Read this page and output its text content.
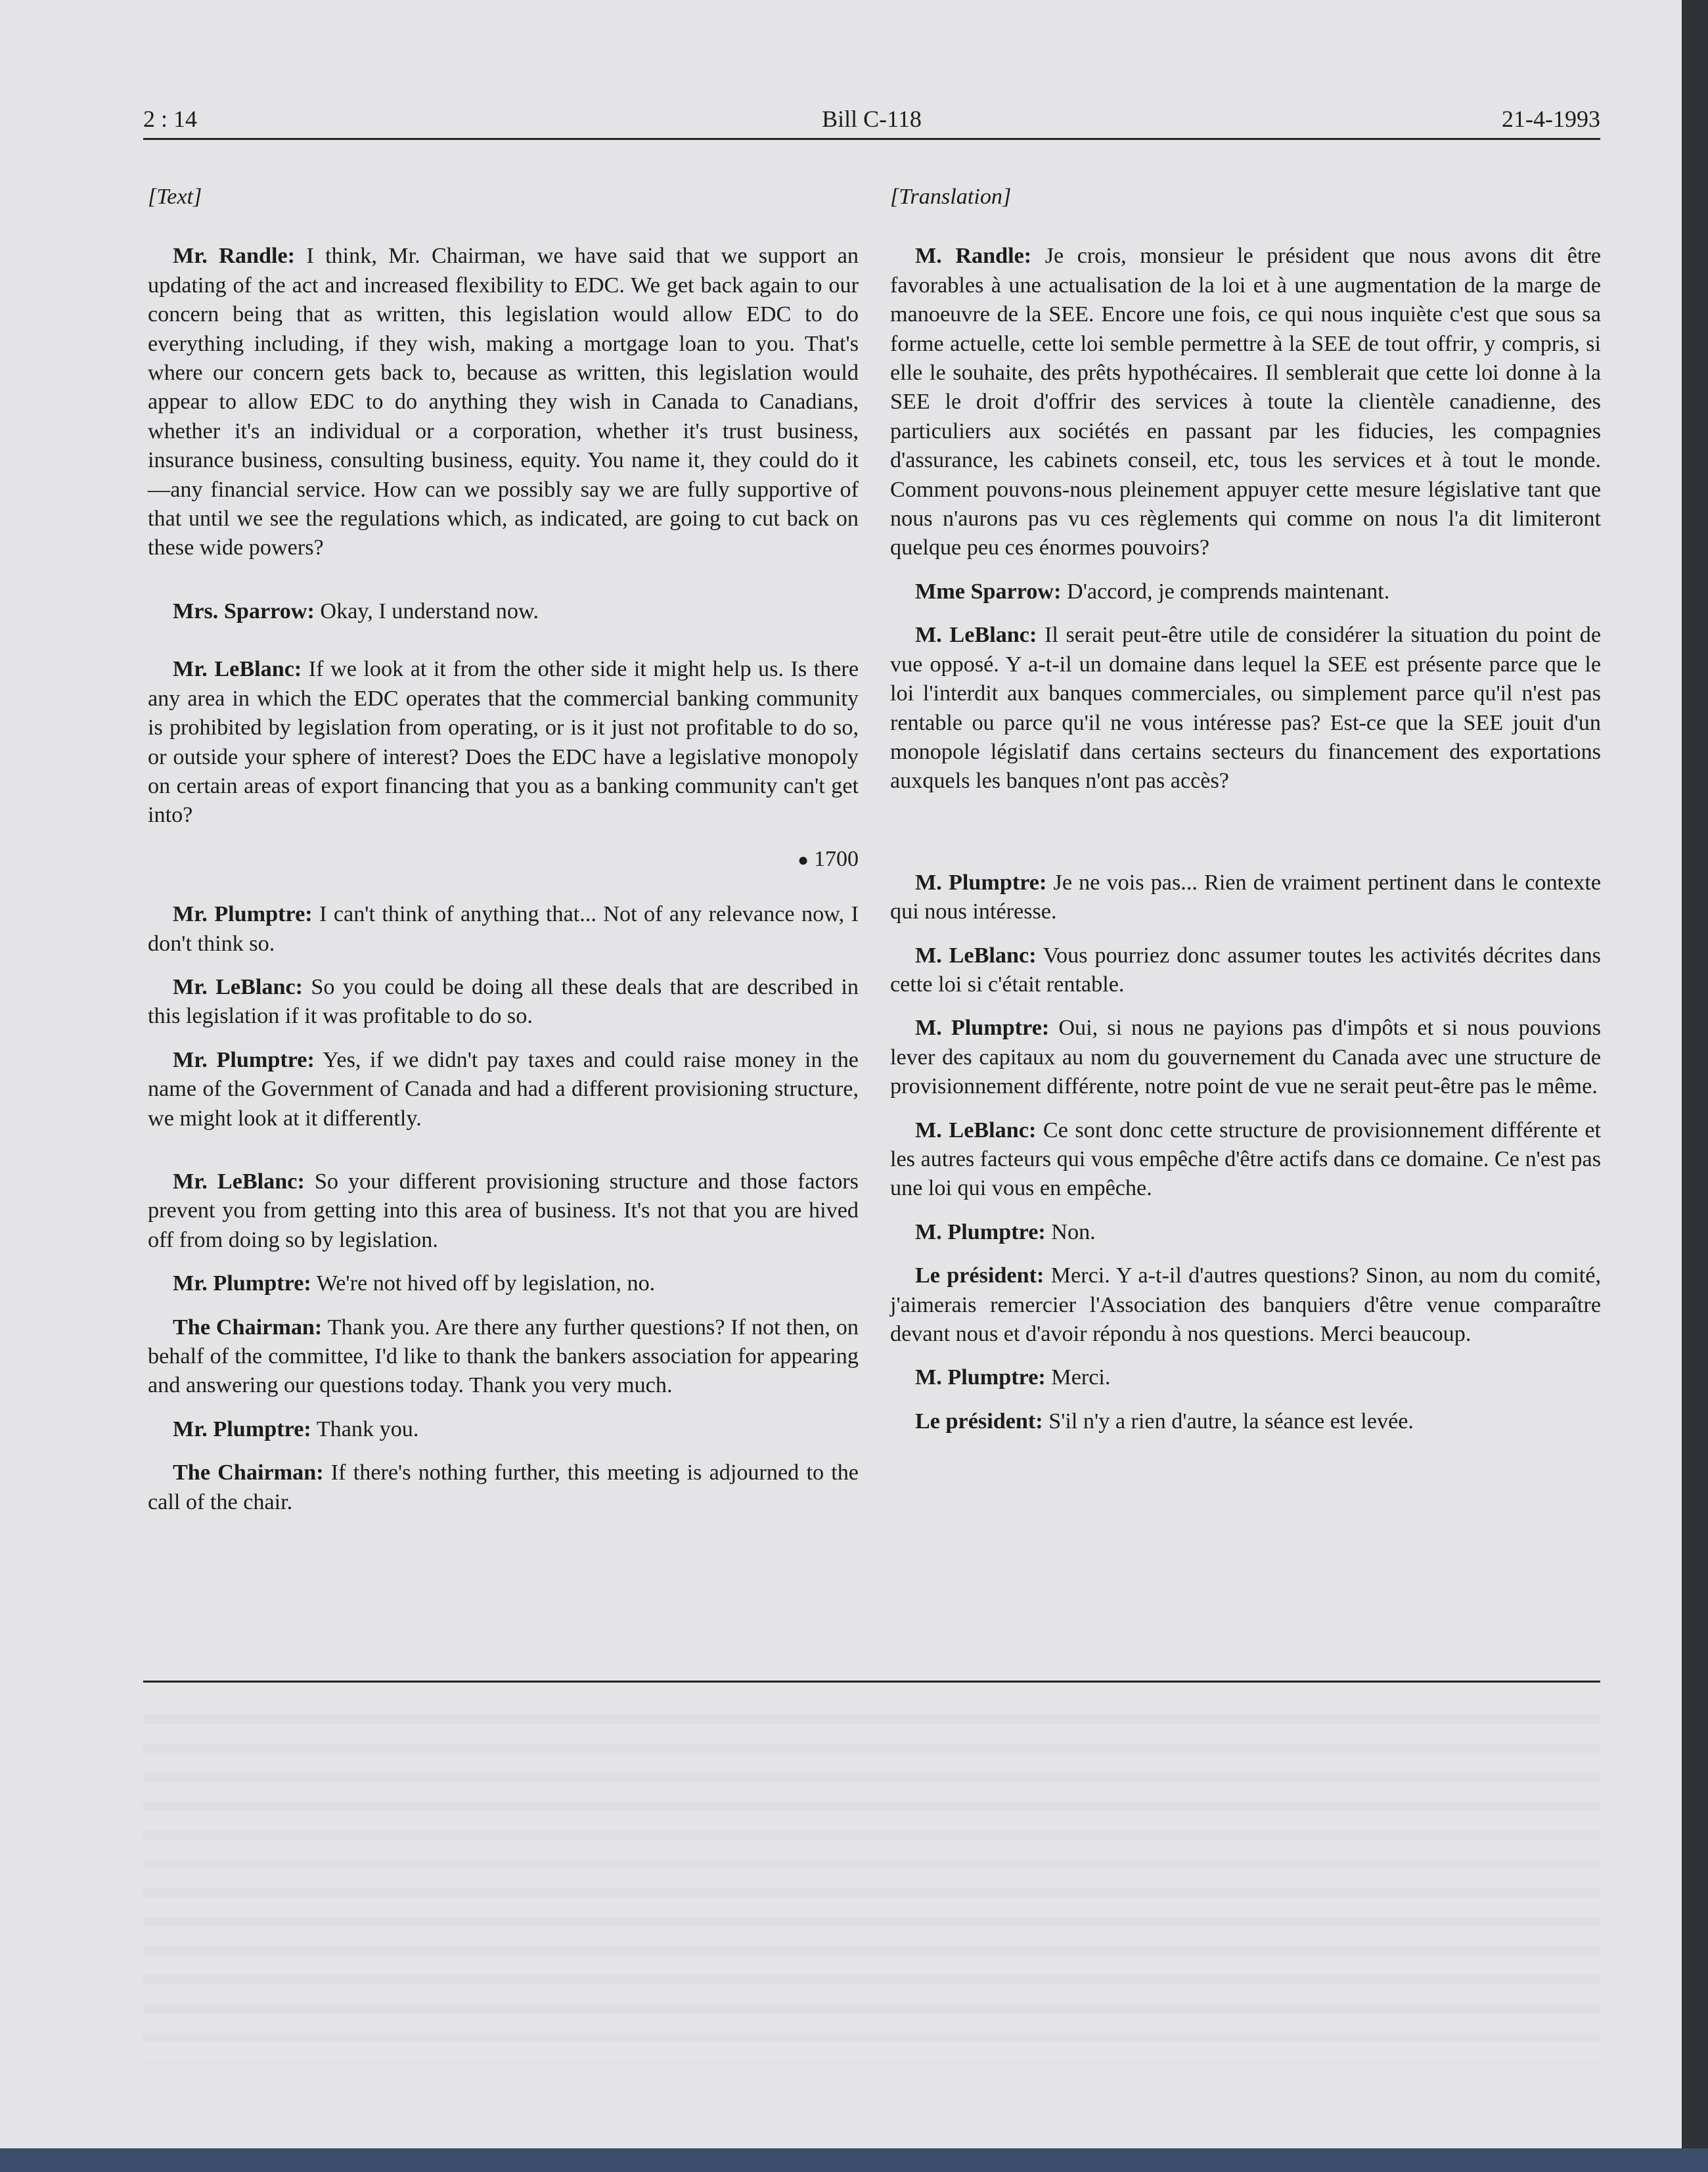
2 : 14	Bill C-118	21-4-1993
[Text]

Mr. Randle: I think, Mr. Chairman, we have said that we support an updating of the act and increased flexibility to EDC. We get back again to our concern being that as written, this legislation would allow EDC to do everything including, if they wish, making a mortgage loan to you. That's where our concern gets back to, because as written, this legislation would appear to allow EDC to do anything they wish in Canada to Canadians, whether it's an individual or a corporation, whether it's trust business, insurance business, consulting business, equity. You name it, they could do it—any financial service. How can we possibly say we are fully supportive of that until we see the regulations which, as indicated, are going to cut back on these wide powers?

Mrs. Sparrow: Okay, I understand now.

Mr. LeBlanc: If we look at it from the other side it might help us. Is there any area in which the EDC operates that the commercial banking community is prohibited by legislation from operating, or is it just not profitable to do so, or outside your sphere of interest? Does the EDC have a legislative monopoly on certain areas of export financing that you as a banking community can't get into?

● 1700

Mr. Plumptre: I can't think of anything that... Not of any relevance now, I don't think so.

Mr. LeBlanc: So you could be doing all these deals that are described in this legislation if it was profitable to do so.

Mr. Plumptre: Yes, if we didn't pay taxes and could raise money in the name of the Government of Canada and had a different provisioning structure, we might look at it differently.

Mr. LeBlanc: So your different provisioning structure and those factors prevent you from getting into this area of business. It's not that you are hived off from doing so by legislation.

Mr. Plumptre: We're not hived off by legislation, no.

The Chairman: Thank you. Are there any further questions? If not then, on behalf of the committee, I'd like to thank the bankers association for appearing and answering our questions today. Thank you very much.

Mr. Plumptre: Thank you.

The Chairman: If there's nothing further, this meeting is adjourned to the call of the chair.

[Translation]

M. Randle: Je crois, monsieur le président que nous avons dit être favorables à une actualisation de la loi et à une augmentation de la marge de manoeuvre de la SEE. Encore une fois, ce qui nous inquiète c'est que sous sa forme actuelle, cette loi semble permettre à la SEE de tout offrir, y compris, si elle le souhaite, des prêts hypothécaires. Il semblerait que cette loi donne à la SEE le droit d'offrir des services à toute la clientèle canadienne, des particuliers aux sociétés en passant par les fiducies, les compagnies d'assurance, les cabinets conseil, etc, tous les services et à tout le monde. Comment pouvons-nous pleinement appuyer cette mesure législative tant que nous n'aurons pas vu ces règlements qui comme on nous l'a dit limiteront quelque peu ces énormes pouvoirs?

Mme Sparrow: D'accord, je comprends maintenant.

M. LeBlanc: Il serait peut-être utile de considérer la situation du point de vue opposé. Y a-t-il un domaine dans lequel la SEE est présente parce que le loi l'interdit aux banques commerciales, ou simplement parce qu'il n'est pas rentable ou parce qu'il ne vous intéresse pas? Est-ce que la SEE jouit d'un monopole législatif dans certains secteurs du financement des exportations auxquels les banques n'ont pas accès?

M. Plumptre: Je ne vois pas... Rien de vraiment pertinent dans le contexte qui nous intéresse.

M. LeBlanc: Vous pourriez donc assumer toutes les activités décrites dans cette loi si c'était rentable.

M. Plumptre: Oui, si nous ne payions pas d'impôts et si nous pouvions lever des capitaux au nom du gouvernement du Canada avec une structure de provisionnement différente, notre point de vue ne serait peut-être pas le même.

M. LeBlanc: Ce sont donc cette structure de provisionnement différente et les autres facteurs qui vous empêche d'être actifs dans ce domaine. Ce n'est pas une loi qui vous en empêche.

M. Plumptre: Non.

Le président: Merci. Y a-t-il d'autres questions? Sinon, au nom du comité, j'aimerais remercier l'Association des banquiers d'être venue comparaître devant nous et d'avoir répondu à nos questions. Merci beaucoup.

M. Plumptre: Merci.

Le président: S'il n'y a rien d'autre, la séance est levée.
